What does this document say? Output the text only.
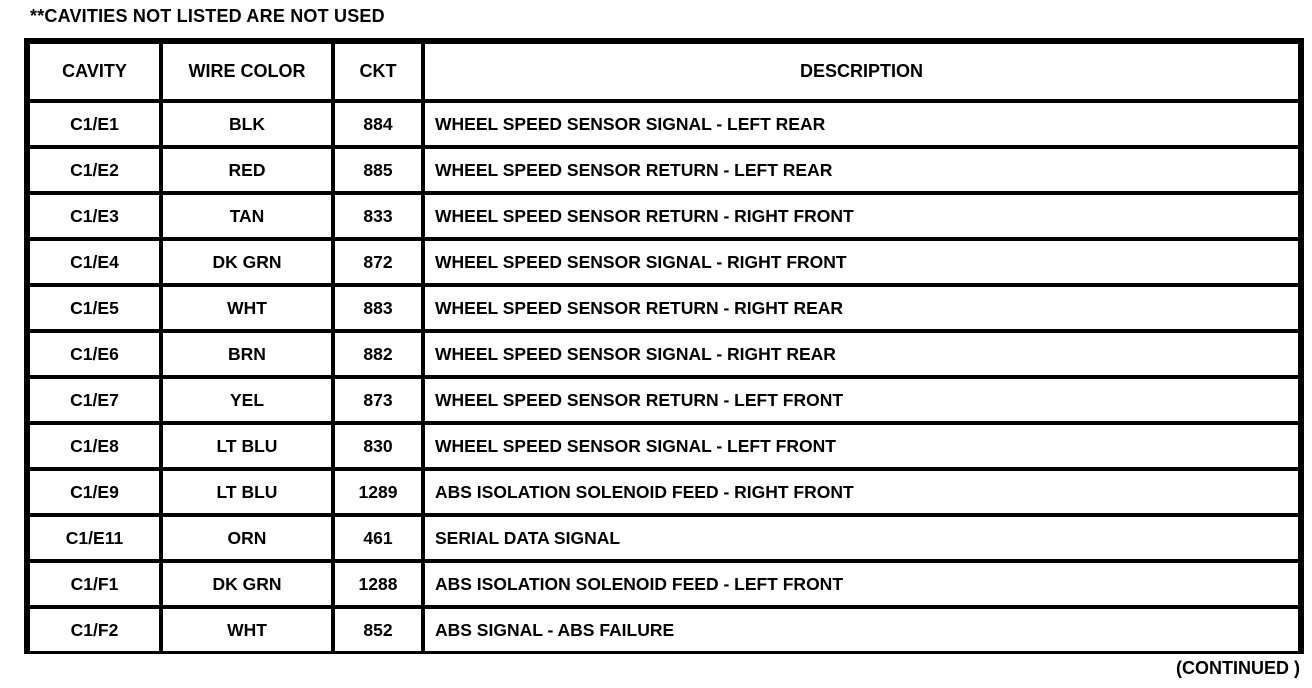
**CAVITIES NOT LISTED ARE NOT USED
CAVITY	WIRE COLOR	CKT	DESCRIPTION
C1/E1	BLK	884	WHEEL SPEED SENSOR SIGNAL - LEFT REAR
C1/E2	RED	885	WHEEL SPEED SENSOR RETURN - LEFT REAR
C1/E3	TAN	833	WHEEL SPEED SENSOR RETURN - RIGHT FRONT
C1/E4	DK GRN	872	WHEEL SPEED SENSOR SIGNAL - RIGHT FRONT
C1/E5	WHT	883	WHEEL SPEED SENSOR RETURN - RIGHT REAR
C1/E6	BRN	882	WHEEL SPEED SENSOR SIGNAL - RIGHT REAR
C1/E7	YEL	873	WHEEL SPEED SENSOR RETURN - LEFT FRONT
C1/E8	LT BLU	830	WHEEL SPEED SENSOR SIGNAL - LEFT FRONT
C1/E9	LT BLU	1289	ABS ISOLATION SOLENOID FEED - RIGHT FRONT
C1/E11	ORN	461	SERIAL DATA SIGNAL
C1/F1	DK GRN	1288	ABS ISOLATION SOLENOID FEED - LEFT FRONT
C1/F2	WHT	852	ABS SIGNAL - ABS FAILURE
(CONTINUED )
